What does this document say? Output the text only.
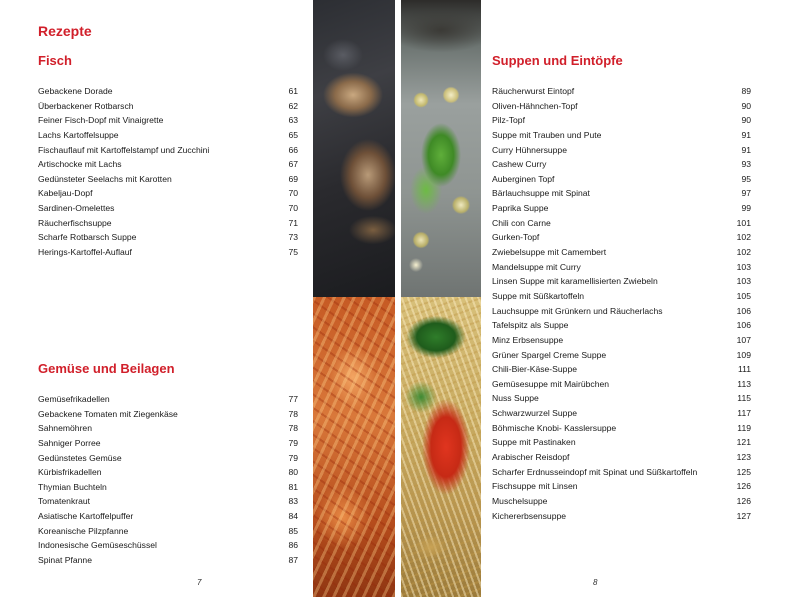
Rezepte
Fisch
Gebackene Dorade	61
Überbackener Rotbarsch	62
Feiner Fisch-Dopf mit Vinaigrette	63
Lachs Kartoffelsuppe	65
Fischauflauf mit Kartoffelstampf und Zucchini	66
Artischocke mit Lachs	67
Gedünsteter Seelachs mit Karotten	69
Kabeljau-Dopf	70
Sardinen-Omelettes	70
Räucherfischsuppe	71
Scharfe Rotbarsch Suppe	73
Herings-Kartoffel-Auflauf	75
Gemüse und Beilagen
Gemüsefrikadellen	77
Gebackene Tomaten mit Ziegenkäse	78
Sahnemöhren	78
Sahniger Porree	79
Gedünstetes Gemüse	79
Kürbisfrikadellen	80
Thymian Buchteln	81
Tomatenkraut	83
Asiatische Kartoffelpuffer	84
Koreanische Pilzpfanne	85
Indonesische Gemüseschüssel	86
Spinat Pfanne	87
7
Suppen und Eintöpfe
Räucherwurst Eintopf	89
Oliven-Hähnchen-Topf	90
Pilz-Topf	90
Suppe mit Trauben und Pute	91
Curry Hühnersuppe	91
Cashew Curry	93
Auberginen Topf	95
Bärlauchsuppe mit Spinat	97
Paprika Suppe	99
Chili con Carne	101
Gurken-Topf	102
Zwiebelsuppe mit Camembert	102
Mandelsuppe mit Curry	103
Linsen Suppe mit karamellisierten Zwiebeln	103
Suppe mit Süßkartoffeln	105
Lauchsuppe mit Grünkern und Räucherlachs	106
Tafelspitz als Suppe	106
Minz Erbsensuppe	107
Grüner Spargel Creme Suppe	109
Chili-Bier-Käse-Suppe	111
Gemüsesuppe mit Mairübchen	113
Nuss Suppe	115
Schwarzwurzel Suppe	117
Böhmische Knobi- Kasslersuppe	119
Suppe mit Pastinaken	121
Arabischer Reisdopf	123
Scharfer Erdnusseindopf mit Spinat und Süßkartoffeln	125
Fischsuppe mit Linsen	126
Muschelsuppe	126
Kichererbsensuppe	127
8
